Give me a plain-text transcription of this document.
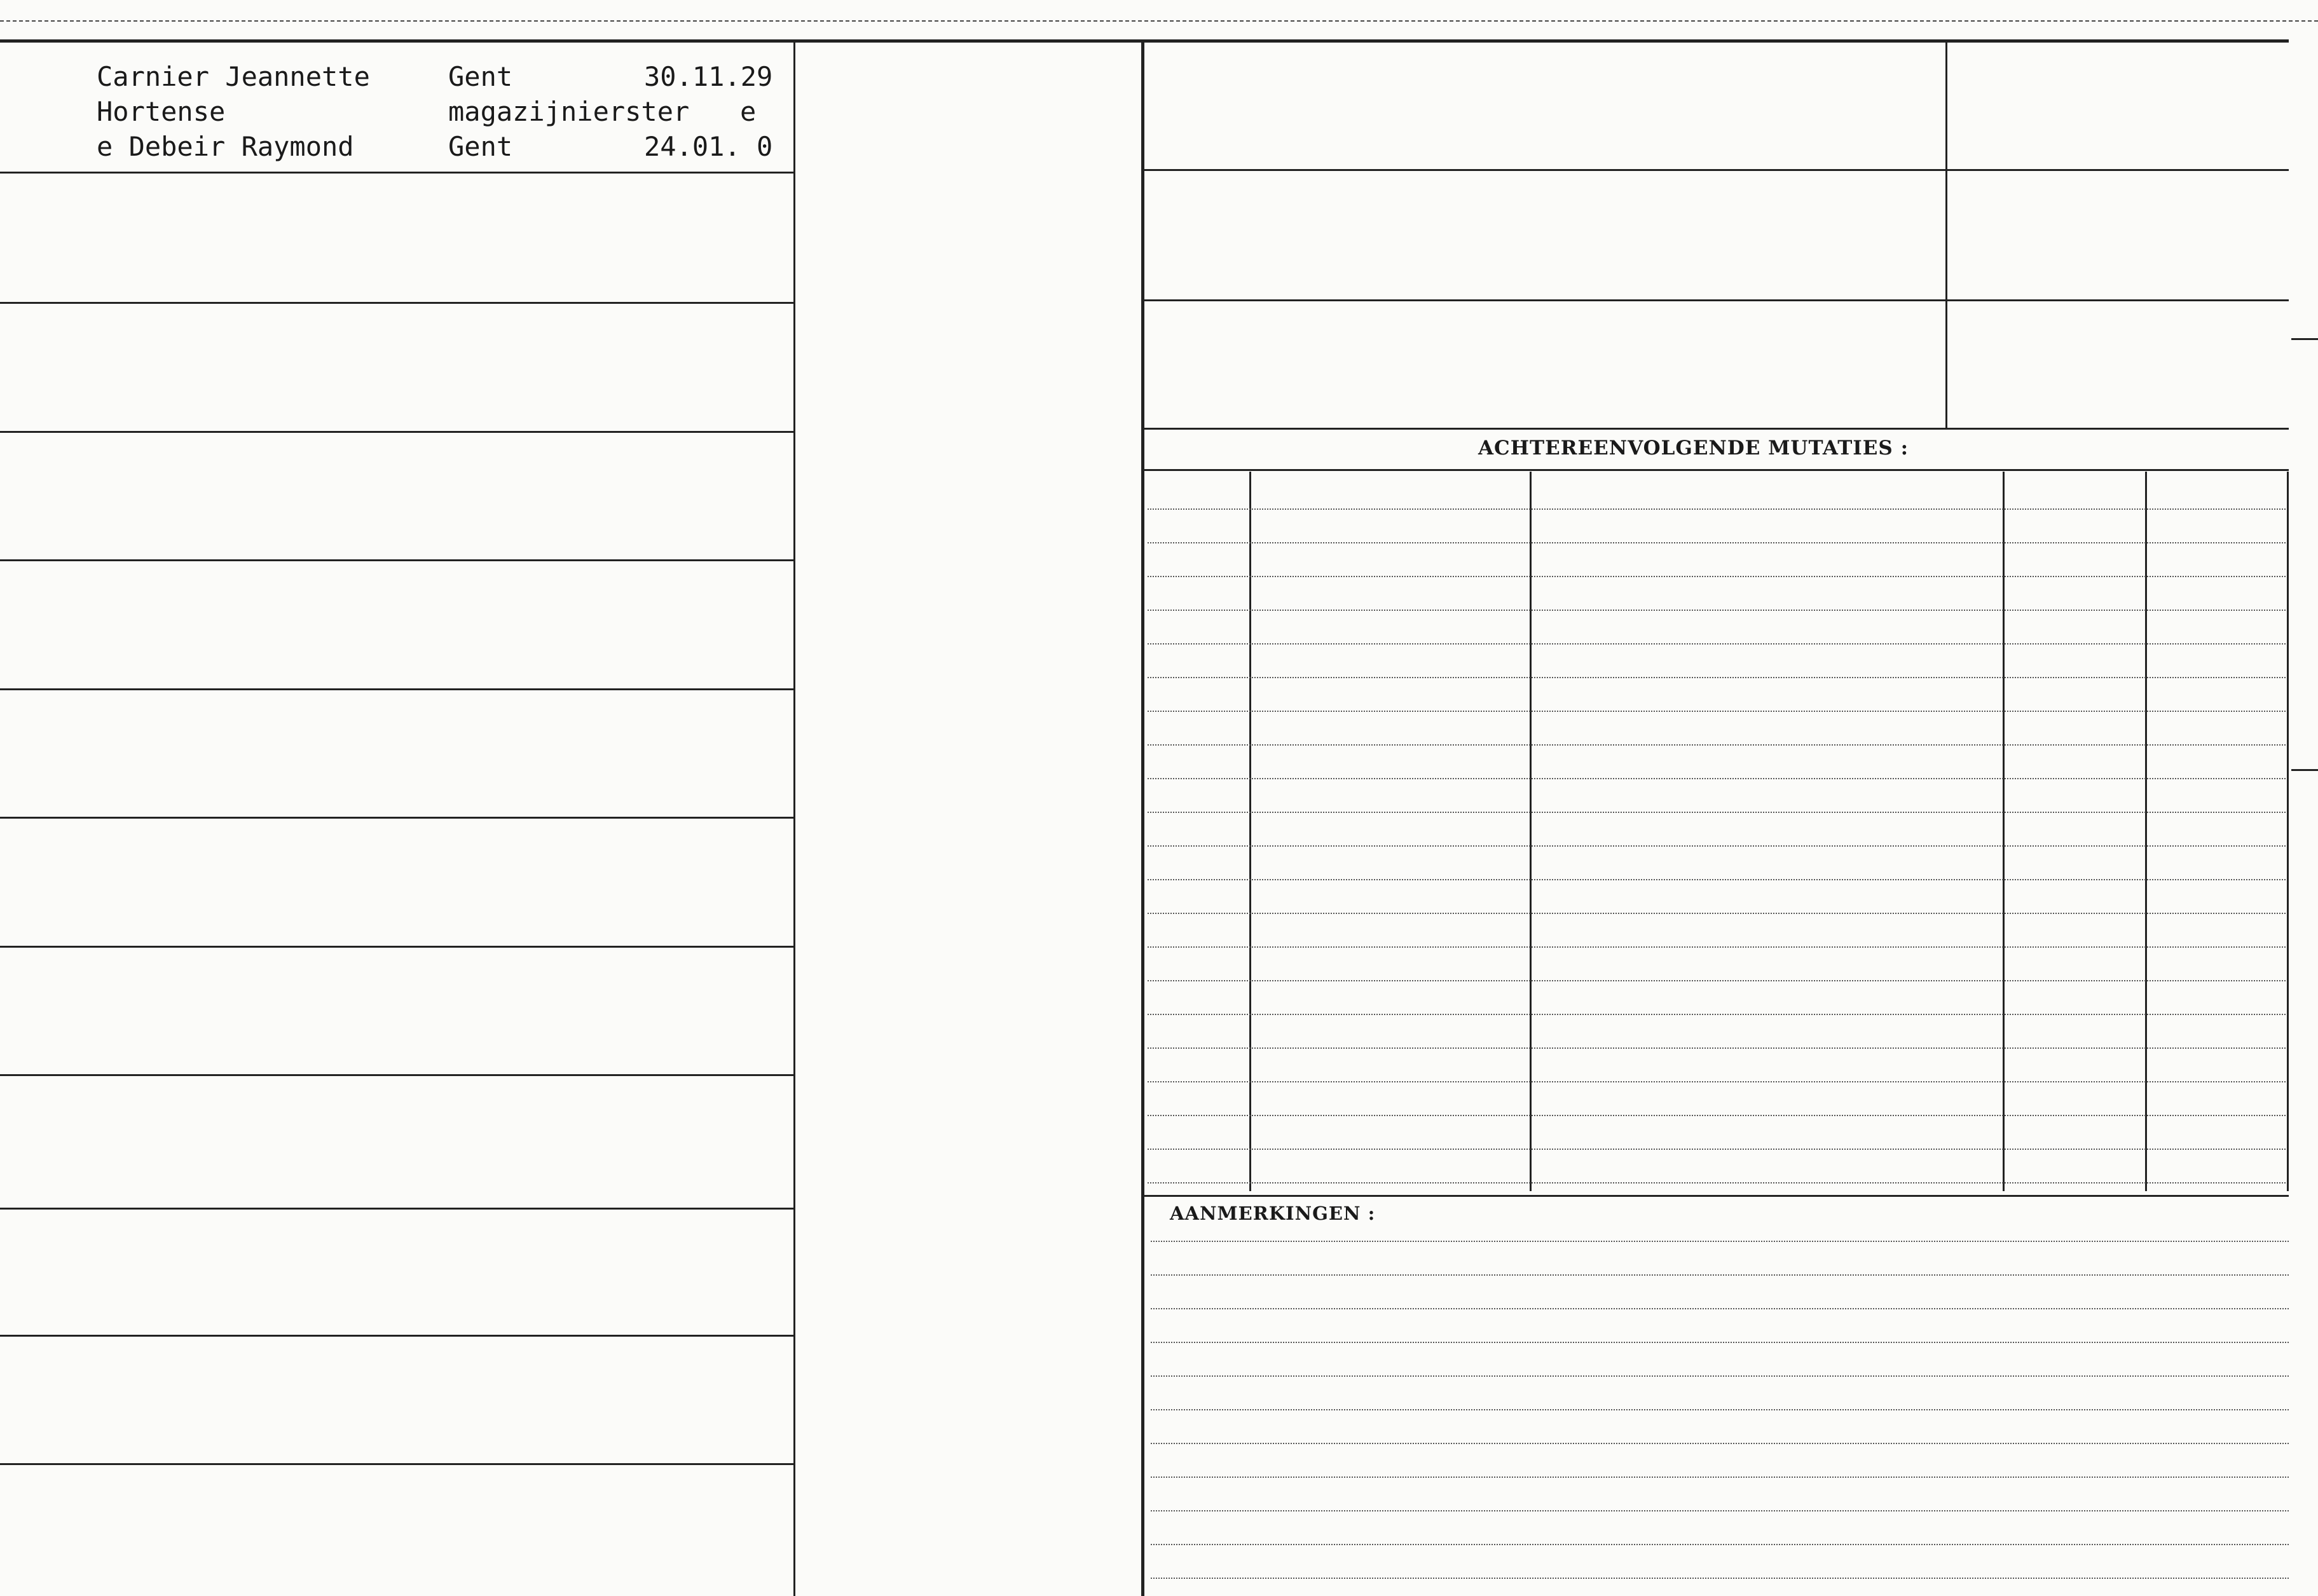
Carnier Jeannette
Hortense
e Debeir Raymond
Gent
magazijnierster e
Gent
30.11.29
24.01. 0
ACHTEREENVOLGENDE MUTATIES :
AANMERKINGEN :
